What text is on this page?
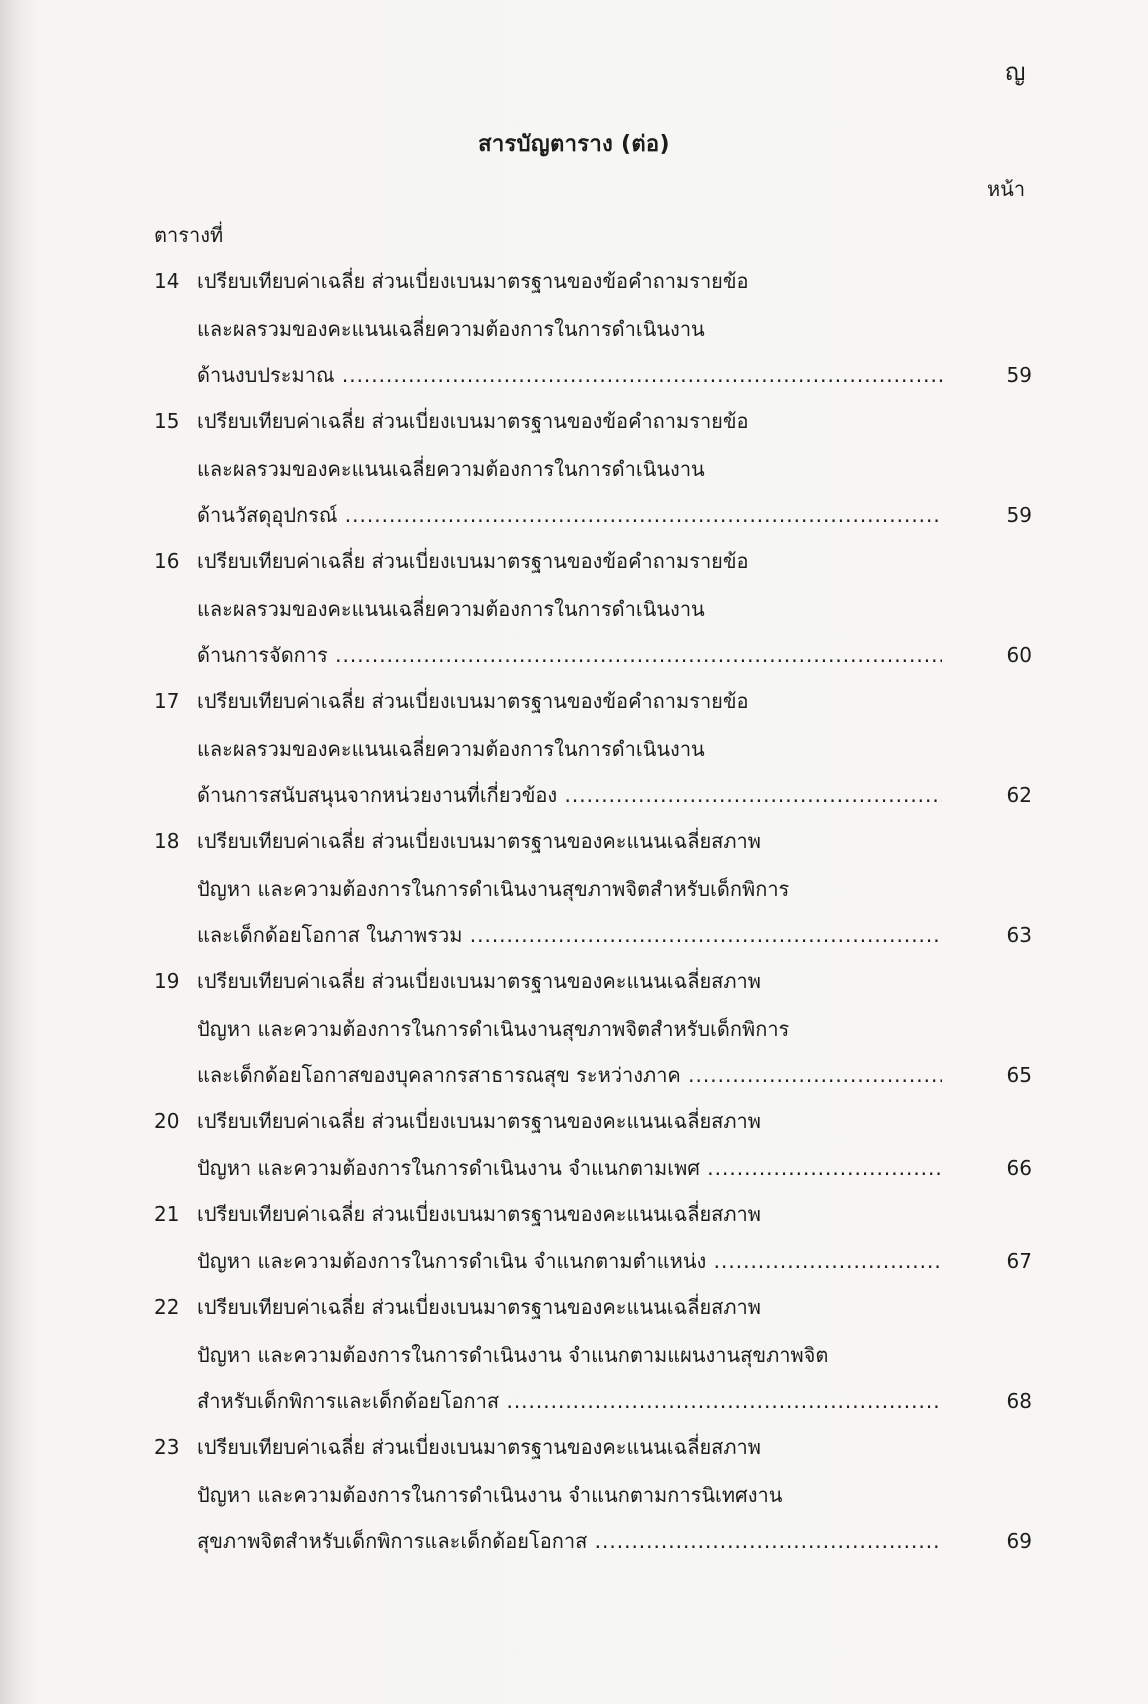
ญ
สารบัญตาราง (ต่อ)
หน้า
ตารางที่
14 เปรียบเทียบค่าเฉลี่ย ส่วนเบี่ยงเบนมาตรฐานของข้อคำถามรายข้อ
และผลรวมของคะแนนเฉลี่ยความต้องการในการดำเนินงาน
ด้านงบประมาณ .....	59
15 เปรียบเทียบค่าเฉลี่ย ส่วนเบี่ยงเบนมาตรฐานของข้อคำถามรายข้อ
และผลรวมของคะแนนเฉลี่ยความต้องการในการดำเนินงาน
ด้านวัสดุอุปกรณ์ .....	59
16 เปรียบเทียบค่าเฉลี่ย ส่วนเบี่ยงเบนมาตรฐานของข้อคำถามรายข้อ
และผลรวมของคะแนนเฉลี่ยความต้องการในการดำเนินงาน
ด้านการจัดการ .....	60
17 เปรียบเทียบค่าเฉลี่ย ส่วนเบี่ยงเบนมาตรฐานของข้อคำถามรายข้อ
และผลรวมของคะแนนเฉลี่ยความต้องการในการดำเนินงาน
ด้านการสนับสนุนจากหน่วยงานที่เกี่ยวข้อง .....	62
18 เปรียบเทียบค่าเฉลี่ย ส่วนเบี่ยงเบนมาตรฐานของคะแนนเฉลี่ยสภาพ
ปัญหา และความต้องการในการดำเนินงานสุขภาพจิตสำหรับเด็กพิการ
และเด็กด้อยโอกาส ในภาพรวม .....	63
19 เปรียบเทียบค่าเฉลี่ย ส่วนเบี่ยงเบนมาตรฐานของคะแนนเฉลี่ยสภาพ
ปัญหา และความต้องการในการดำเนินงานสุขภาพจิตสำหรับเด็กพิการ
และเด็กด้อยโอกาสของบุคลากรสาธารณสุข ระหว่างภาค .....	65
20 เปรียบเทียบค่าเฉลี่ย ส่วนเบี่ยงเบนมาตรฐานของคะแนนเฉลี่ยสภาพ
ปัญหา และความต้องการในการดำเนินงาน จำแนกตามเพศ .....	66
21 เปรียบเทียบค่าเฉลี่ย ส่วนเบี่ยงเบนมาตรฐานของคะแนนเฉลี่ยสภาพ
ปัญหา และความต้องการในการดำเนิน จำแนกตามตำแหน่ง .....	67
22 เปรียบเทียบค่าเฉลี่ย ส่วนเบี่ยงเบนมาตรฐานของคะแนนเฉลี่ยสภาพ
ปัญหา และความต้องการในการดำเนินงาน จำแนกตามแผนงานสุขภาพจิต
สำหรับเด็กพิการและเด็กด้อยโอกาส .....	68
23 เปรียบเทียบค่าเฉลี่ย ส่วนเบี่ยงเบนมาตรฐานของคะแนนเฉลี่ยสภาพ
ปัญหา และความต้องการในการดำเนินงาน จำแนกตามการนิเทศงาน
สุขภาพจิตสำหรับเด็กพิการและเด็กด้อยโอกาส .....	69
